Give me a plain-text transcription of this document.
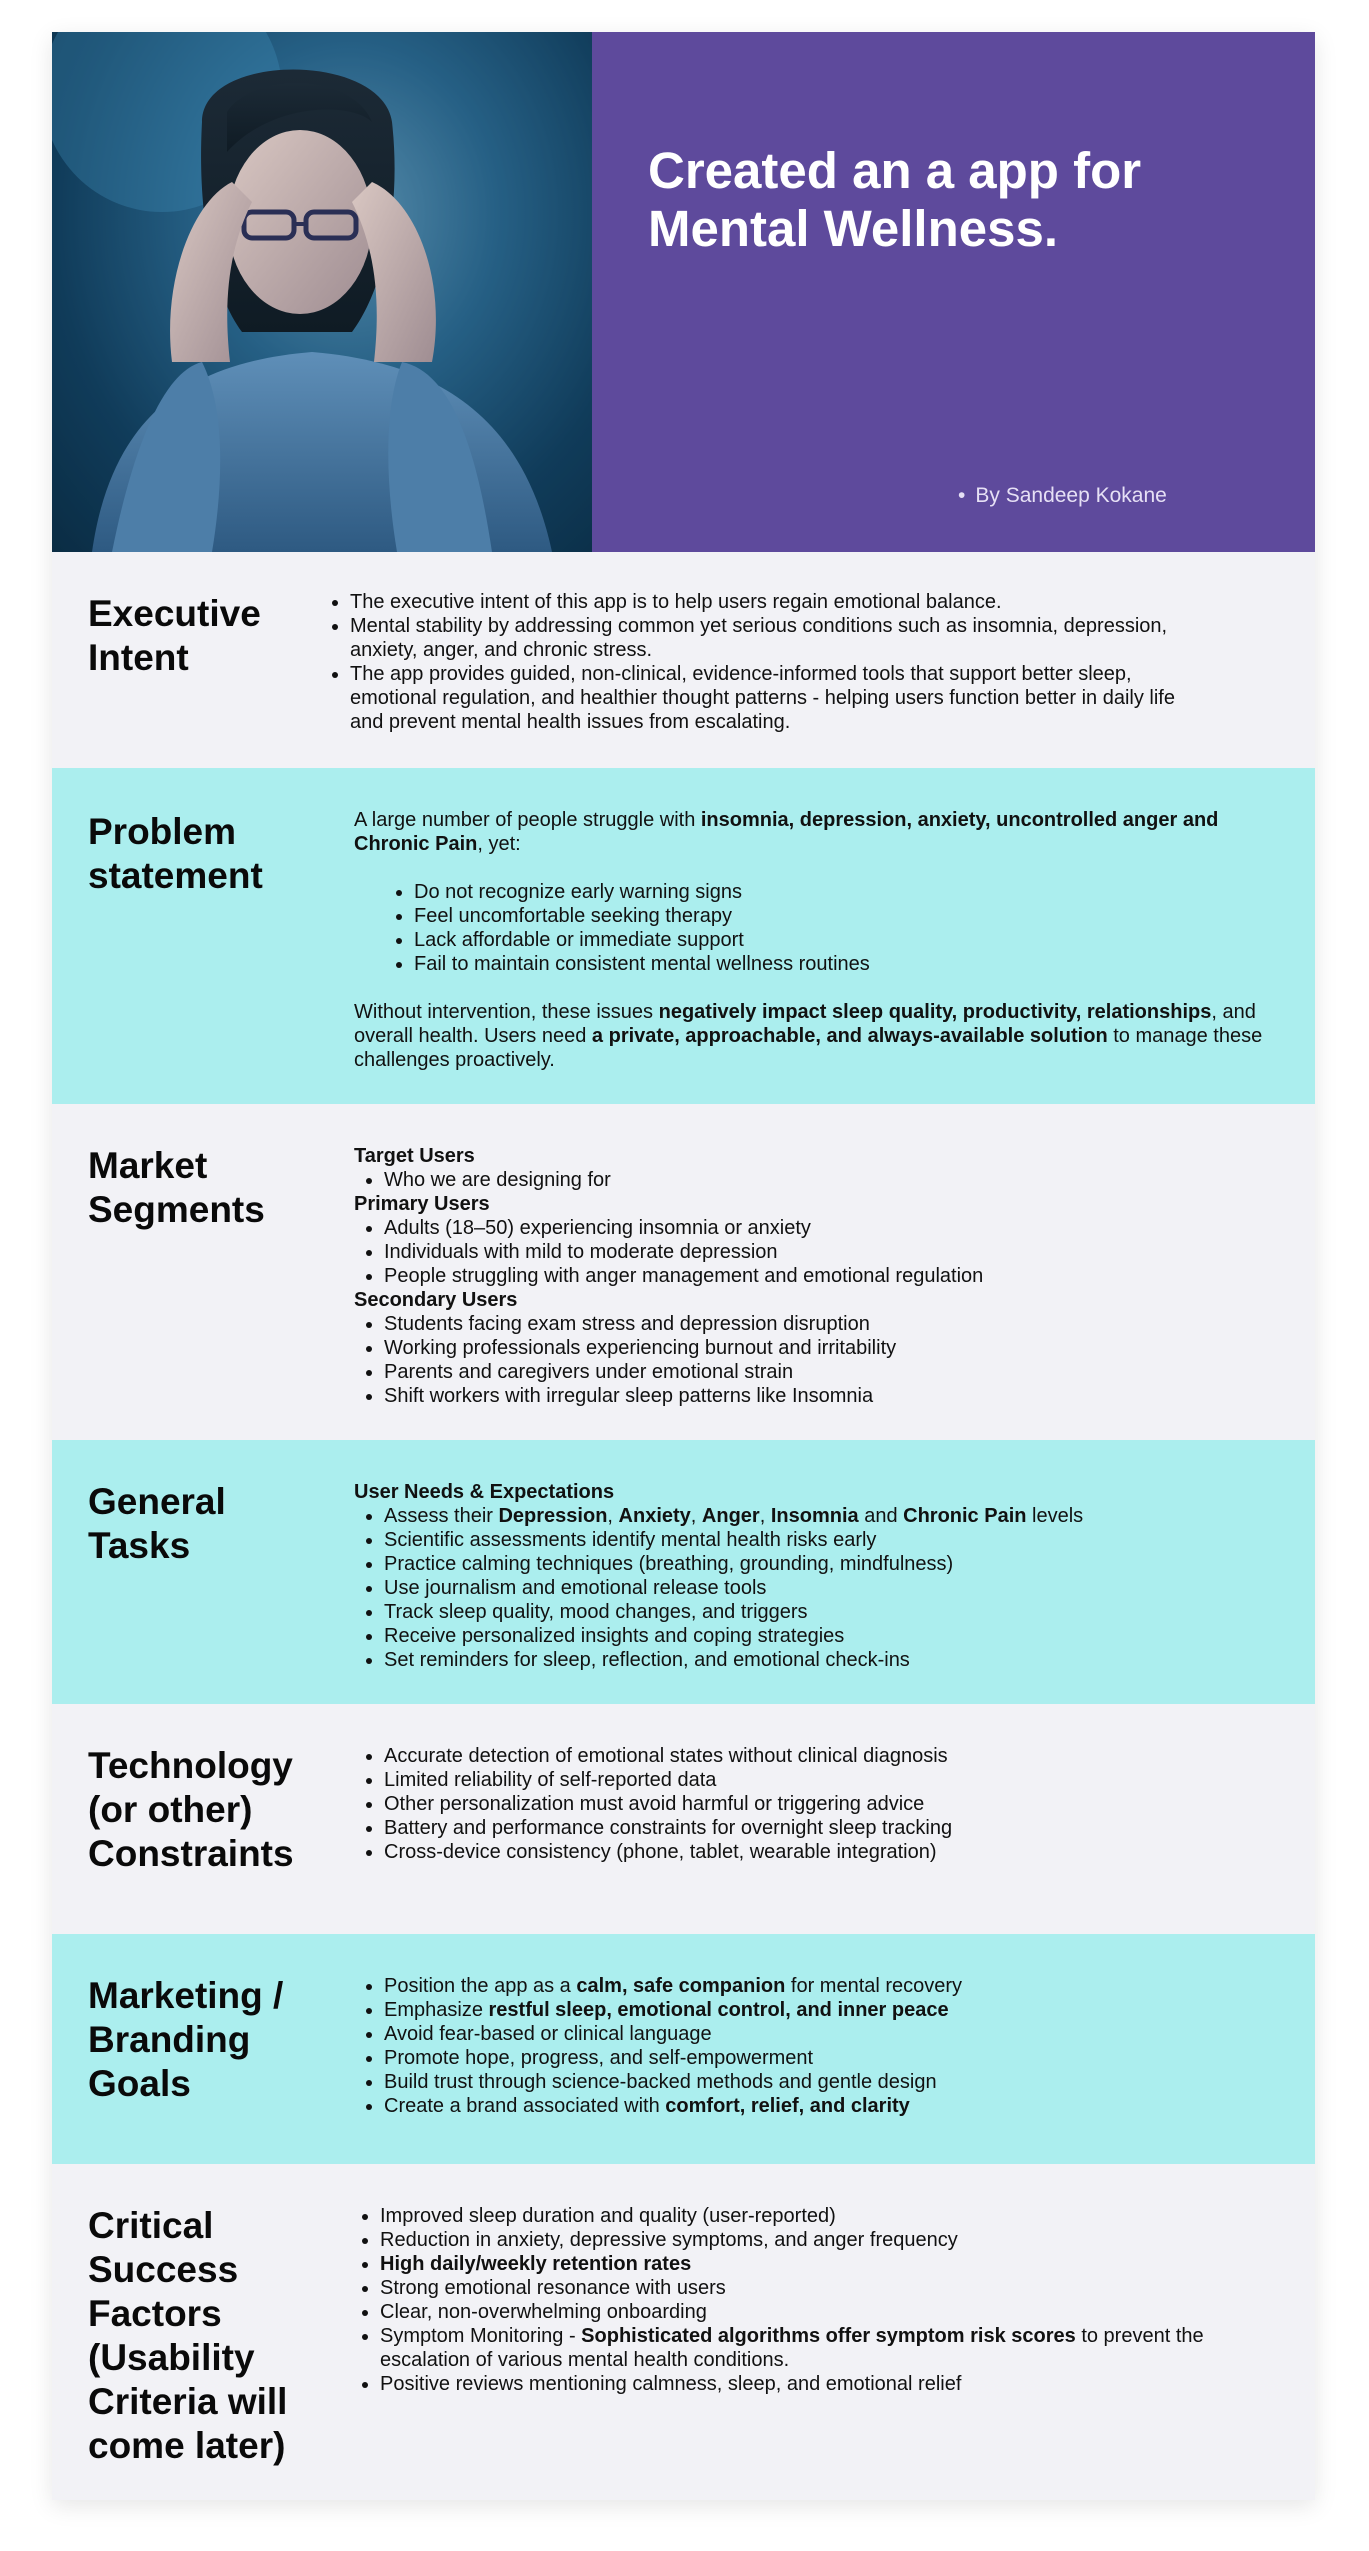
Created an a app for Mental Wellness.
• By Sandeep Kokane
Executive
Intent
• The executive intent of this app is to help users regain emotional balance.
• Mental stability by addressing common yet serious conditions such as insomnia, depression, anxiety, anger, and chronic stress.
• The app provides guided, non-clinical, evidence-informed tools that support better sleep, emotional regulation, and healthier thought patterns - helping users function better in daily life and prevent mental health issues from escalating.
Problem
statement

A large number of people struggle with insomnia, depression, anxiety, uncontrolled anger and Chronic Pain, yet:

• Do not recognize early warning signs
• Feel uncomfortable seeking therapy
• Lack affordable or immediate support
• Fail to maintain consistent mental wellness routines

Without intervention, these issues negatively impact sleep quality, productivity, relationships, and overall health. Users need a private, approachable, and always-available solution to manage these challenges proactively.

Market
Segments

Target Users

• Who we are designing for

Primary Users

• Adults (18–50) experiencing insomnia or anxiety
• Individuals with mild to moderate depression
• People struggling with anger management and emotional regulation

Secondary Users

• Students facing exam stress and depression disruption
• Working professionals experiencing burnout and irritability
• Parents and caregivers under emotional strain
• Shift workers with irregular sleep patterns like Insomnia
General
Tasks

User Needs & Expectations

• Assess their Depression, Anxiety, Anger, Insomnia and Chronic Pain levels
• Scientific assessments identify mental health risks early
• Practice calming techniques (breathing, grounding, mindfulness)
• Use journalism and emotional release tools
• Track sleep quality, mood changes, and triggers
• Receive personalized insights and coping strategies
• Set reminders for sleep, reflection, and emotional check-ins
Technology
(or other)
Constraints
• Accurate detection of emotional states without clinical diagnosis
• Limited reliability of self-reported data
• Other personalization must avoid harmful or triggering advice
• Battery and performance constraints for overnight sleep tracking
• Cross-device consistency (phone, tablet, wearable integration)
Marketing /
Branding
Goals
• Position the app as a calm, safe companion for mental recovery
• Emphasize restful sleep, emotional control, and inner peace
• Avoid fear-based or clinical language
• Promote hope, progress, and self-empowerment
• Build trust through science-backed methods and gentle design
• Create a brand associated with comfort, relief, and clarity
Critical
Success
Factors
(Usability
Criteria will
come later)
• Improved sleep duration and quality (user-reported)
• Reduction in anxiety, depressive symptoms, and anger frequency
• High daily/weekly retention rates
• Strong emotional resonance with users
• Clear, non-overwhelming onboarding
• Symptom Monitoring - Sophisticated algorithms offer symptom risk scores to prevent the escalation of various mental health conditions.
• Positive reviews mentioning calmness, sleep, and emotional relief
